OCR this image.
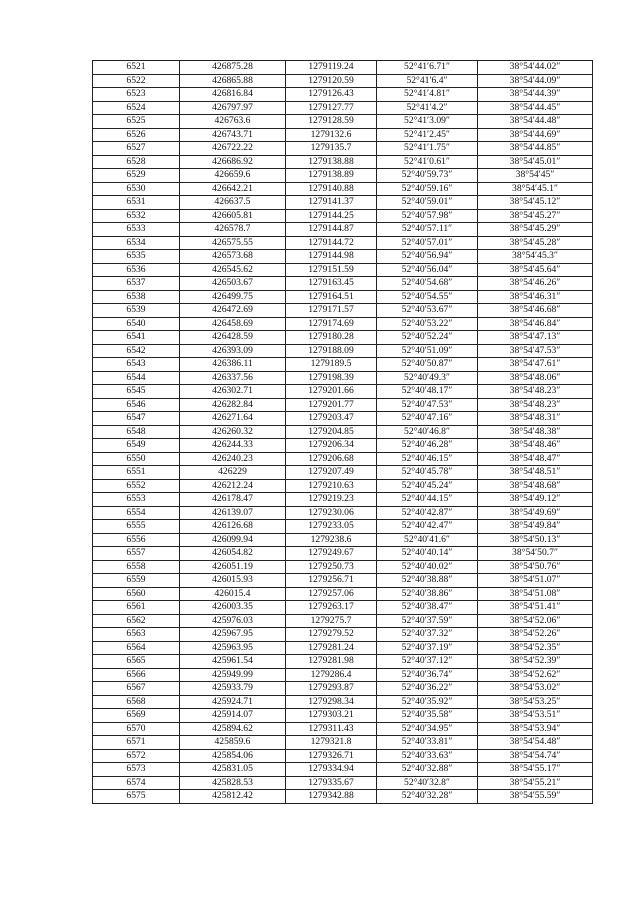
6521	426875.28	1279119.24	52°41′6.71″	38°54′44.02″
6522	426865.88	1279120.59	52°41′6.4″	38°54′44.09″
6523	426816.84	1279126.43	52°41′4.81″	38°54′44.39″
6524	426797.97	1279127.77	52°41′4.2″	38°54′44.45″
6525	426763.6	1279128.59	52°41′3.09″	38°54′44.48″
6526	426743.71	1279132.6	52°41′2.45″	38°54′44.69″
6527	426722.22	1279135.7	52°41′1.75″	38°54′44.85″
6528	426686.92	1279138.88	52°41′0.61″	38°54′45.01″
6529	426659.6	1279138.89	52°40′59.73″	38°54′45″
6530	426642.21	1279140.88	52°40′59.16″	38°54′45.1″
6531	426637.5	1279141.37	52°40′59.01″	38°54′45.12″
6532	426605.81	1279144.25	52°40′57.98″	38°54′45.27″
6533	426578.7	1279144.87	52°40′57.11″	38°54′45.29″
6534	426575.55	1279144.72	52°40′57.01″	38°54′45.28″
6535	426573.68	1279144.98	52°40′56.94″	38°54′45.3″
6536	426545.62	1279151.59	52°40′56.04″	38°54′45.64″
6537	426503.67	1279163.45	52°40′54.68″	38°54′46.26″
6538	426499.75	1279164.51	52°40′54.55″	38°54′46.31″
6539	426472.69	1279171.57	52°40′53.67″	38°54′46.68″
6540	426458.69	1279174.69	52°40′53.22″	38°54′46.84″
6541	426428.59	1279180.28	52°40′52.24″	38°54′47.13″
6542	426393.09	1279188.09	52°40′51.09″	38°54′47.53″
6543	426386.11	1279189.5	52°40′50.87″	38°54′47.61″
6544	426337.56	1279198.39	52°40′49.3″	38°54′48.06″
6545	426302.71	1279201.66	52°40′48.17″	38°54′48.23″
6546	426282.84	1279201.77	52°40′47.53″	38°54′48.23″
6547	426271.64	1279203.47	52°40′47.16″	38°54′48.31″
6548	426260.32	1279204.85	52°40′46.8″	38°54′48.38″
6549	426244.33	1279206.34	52°40′46.28″	38°54′48.46″
6550	426240.23	1279206.68	52°40′46.15″	38°54′48.47″
6551	426229	1279207.49	52°40′45.78″	38°54′48.51″
6552	426212.24	1279210.63	52°40′45.24″	38°54′48.68″
6553	426178.47	1279219.23	52°40′44.15″	38°54′49.12″
6554	426139.07	1279230.06	52°40′42.87″	38°54′49.69″
6555	426126.68	1279233.05	52°40′42.47″	38°54′49.84″
6556	426099.94	1279238.6	52°40′41.6″	38°54′50.13″
6557	426054.82	1279249.67	52°40′40.14″	38°54′50.7″
6558	426051.19	1279250.73	52°40′40.02″	38°54′50.76″
6559	426015.93	1279256.71	52°40′38.88″	38°54′51.07″
6560	426015.4	1279257.06	52°40′38.86″	38°54′51.08″
6561	426003.35	1279263.17	52°40′38.47″	38°54′51.41″
6562	425976.03	1279275.7	52°40′37.59″	38°54′52.06″
6563	425967.95	1279279.52	52°40′37.32″	38°54′52.26″
6564	425963.95	1279281.24	52°40′37.19″	38°54′52.35″
6565	425961.54	1279281.98	52°40′37.12″	38°54′52.39″
6566	425949.99	1279286.4	52°40′36.74″	38°54′52.62″
6567	425933.79	1279293.87	52°40′36.22″	38°54′53.02″
6568	425924.71	1279298.34	52°40′35.92″	38°54′53.25″
6569	425914.07	1279303.21	52°40′35.58″	38°54′53.51″
6570	425894.62	1279311.43	52°40′34.95″	38°54′53.94″
6571	425859.6	1279321.8	52°40′33.81″	38°54′54.48″
6572	425854.06	1279326.71	52°40′33.63″	38°54′54.74″
6573	425831.05	1279334.94	52°40′32.88″	38°54′55.17″
6574	425828.53	1279335.67	52°40′32.8″	38°54′55.21″
6575	425812.42	1279342.88	52°40′32.28″	38°54′55.59″
